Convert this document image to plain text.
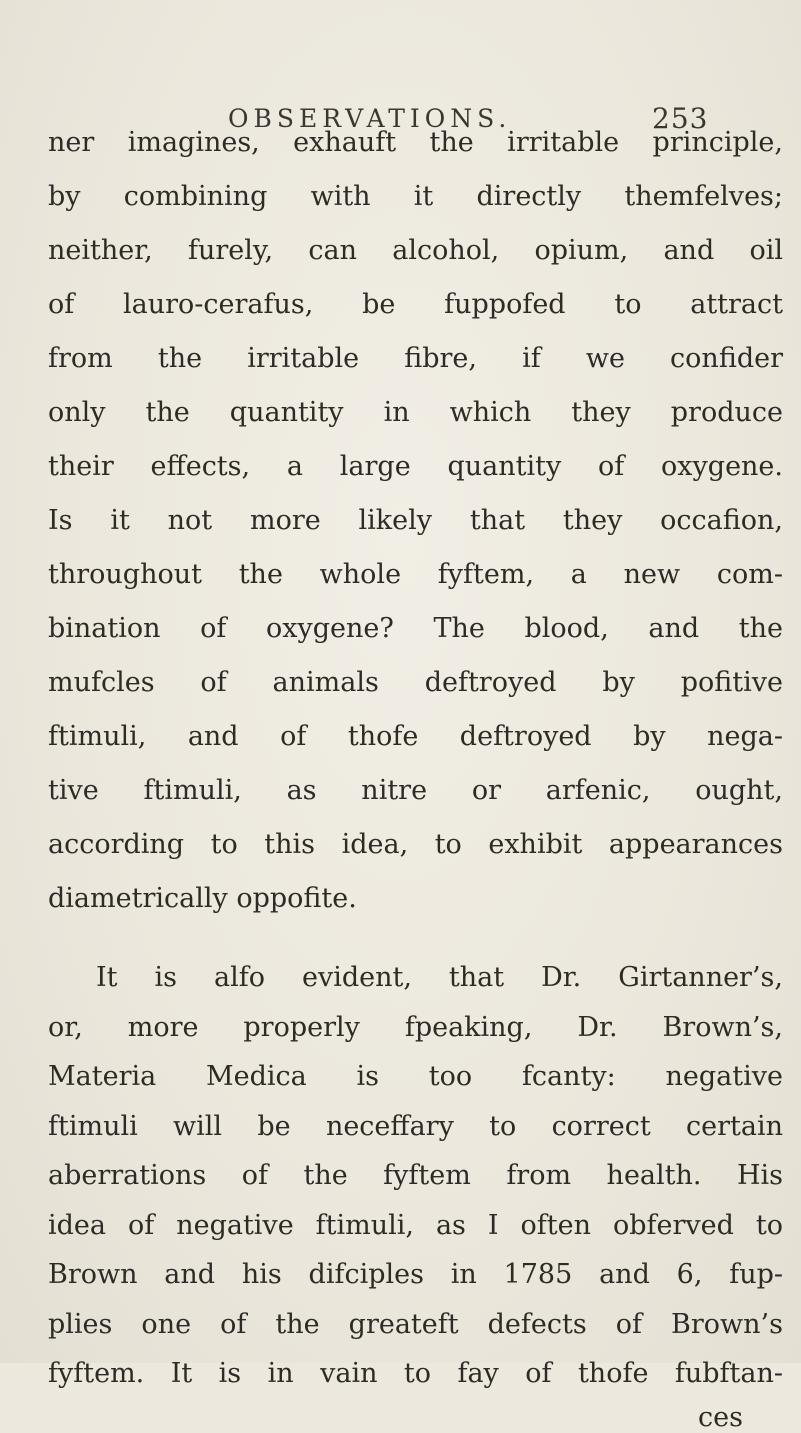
OBSERVATIONS.	253
ner imagines, exhauft the irritable principle,
by combining with it directly themfelves;
neither, furely, can alcohol, opium, and oil
of lauro-cerafus, be fuppofed to attract
from the irritable fibre, if we confider
only the quantity in which they produce
their effects, a large quantity of oxygene.
Is it not more likely that they occafion,
throughout the whole fyftem, a new com-
bination of oxygene? The blood, and the
mufcles of animals deftroyed by pofitive
ftimuli, and of thofe deftroyed by nega-
tive ftimuli, as nitre or arfenic, ought,
according to this idea, to exhibit appearances
diametrically oppofite.
It is alfo evident, that Dr. Girtanner’s,
or, more properly fpeaking, Dr. Brown’s,
Materia Medica is too fcanty: negative
ftimuli will be neceffary to correct certain
aberrations of the fyftem from health. His
idea of negative ftimuli, as I often obferved to
Brown and his difciples in 1785 and 6, fup-
plies one of the greateft defects of Brown’s
fyftem. It is in vain to fay of thofe fubftan-
ces
